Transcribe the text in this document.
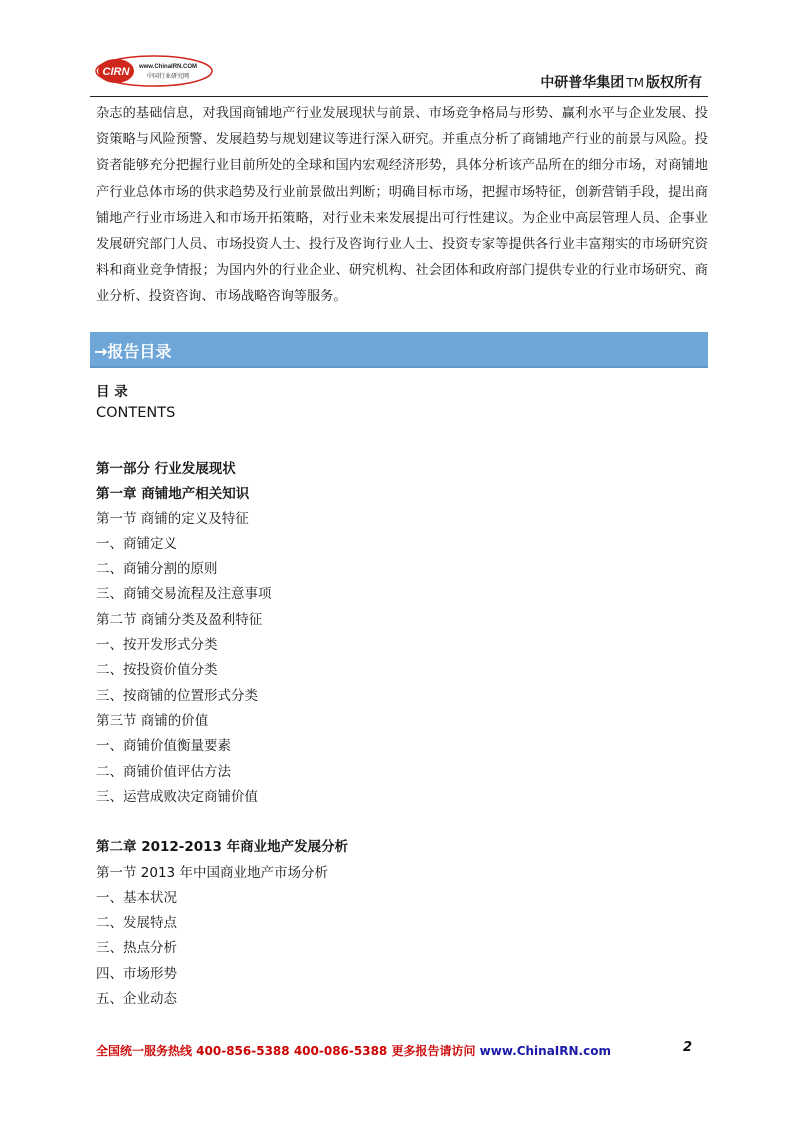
CIRN www.ChinaIRN.COM
中国行业研究网	中研普华集团 TM 版权所有

杂志的基础信息，对我国商铺地产行业发展现状与前景、市场竞争格局与形势、赢利水平与企业发展、投资策略与风险预警、发展趋势与规划建议等进行深入研究。并重点分析了商铺地产行业的前景与风险。投资者能够充分把握行业目前所处的全球和国内宏观经济形势，具体分析该产品所在的细分市场，对商铺地产行业总体市场的供求趋势及行业前景做出判断；明确目标市场，把握市场特征，创新营销手段，提出商铺地产行业市场进入和市场开拓策略，对行业未来发展提出可行性建议。为企业中高层管理人员、企事业发展研究部门人员、市场投资人士、投行及咨询行业人士、投资专家等提供各行业丰富翔实的市场研究资料和商业竞争情报；为国内外的行业企业、研究机构、社会团体和政府部门提供专业的行业市场研究、商业分析、投资咨询、市场战略咨询等服务。

→报告目录
目 录
CONTENTS
第一部分 行业发展现状
第一章 商铺地产相关知识
第一节 商铺的定义及特征
一、商铺定义
二、商铺分割的原则
三、商铺交易流程及注意事项
第二节 商铺分类及盈利特征
一、按开发形式分类
二、按投资价值分类
三、按商铺的位置形式分类
第三节 商铺的价值
一、商铺价值衡量要素
二、商铺价值评估方法
三、运营成败决定商铺价值
第二章 2012-2013 年商业地产发展分析
第一节 2013 年中国商业地产市场分析
一、基本状况
二、发展特点
三、热点分析
四、市场形势
五、企业动态
全国统一服务热线 400-856-5388 400-086-5388 更多报告请访问 www.ChinaIRN.com	2
